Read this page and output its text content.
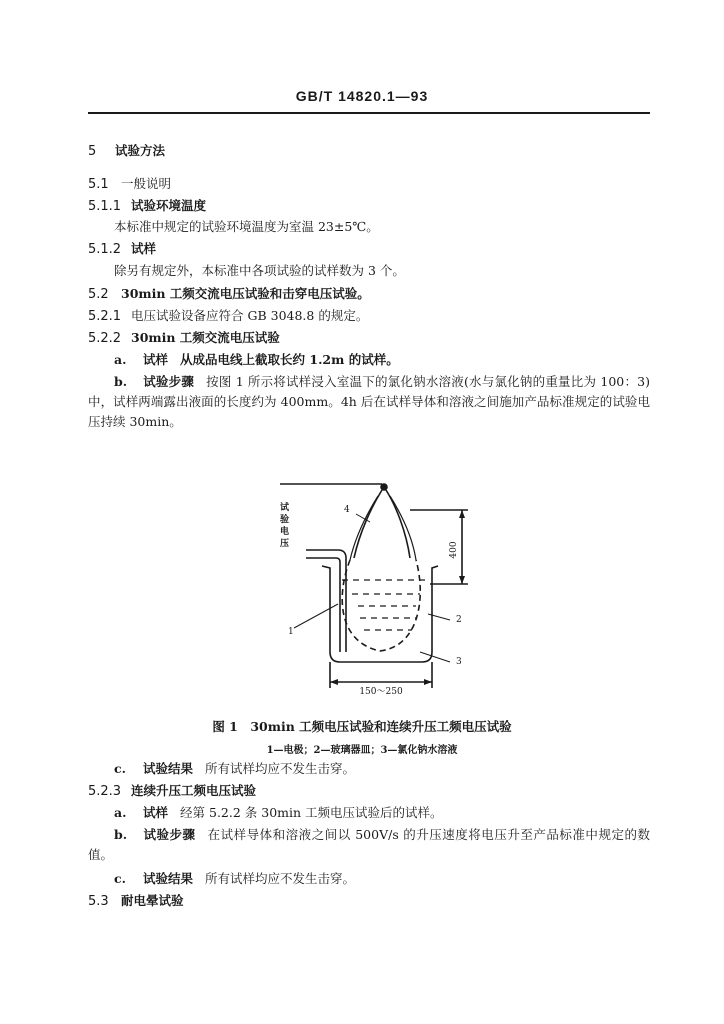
GB/T 14820.1—93
5 试验方法
5.1 一般说明
5.1.1 试验环境温度
本标准中规定的试验环境温度为室温 23±5℃。
5.1.2 试样
除另有规定外，本标准中各项试验的试样数为 3 个。
5.2 30min 工频交流电压试验和击穿电压试验。
5.2.1 电压试验设备应符合 GB 3048.8 的规定。
5.2.2 30min 工频交流电压试验
a. 试样 从成品电线上截取长约 1.2m 的试样。
b. 试验步骤 按图 1 所示将试样浸入室温下的氯化钠水溶液(水与氯化钠的重量比为 100：3)中，试样两端露出液面的长度约为 400mm。4h 后在试样导体和溶液之间施加产品标准规定的试验电压持续 30min。
试
验
电
压	400
150～250
1
2
3
4
图 1　30min 工频电压试验和连续升压工频电压试验
1—电极；2—玻璃器皿；3—氯化钠水溶液
c. 试验结果 所有试样均应不发生击穿。
5.2.3 连续升压工频电压试验
a. 试样 经第 5.2.2 条 30min 工频电压试验后的试样。
b. 试验步骤 在试样导体和溶液之间以 500V/s 的升压速度将电压升至产品标准中规定的数值。
c. 试验结果 所有试样均应不发生击穿。
5.3 耐电晕试验
